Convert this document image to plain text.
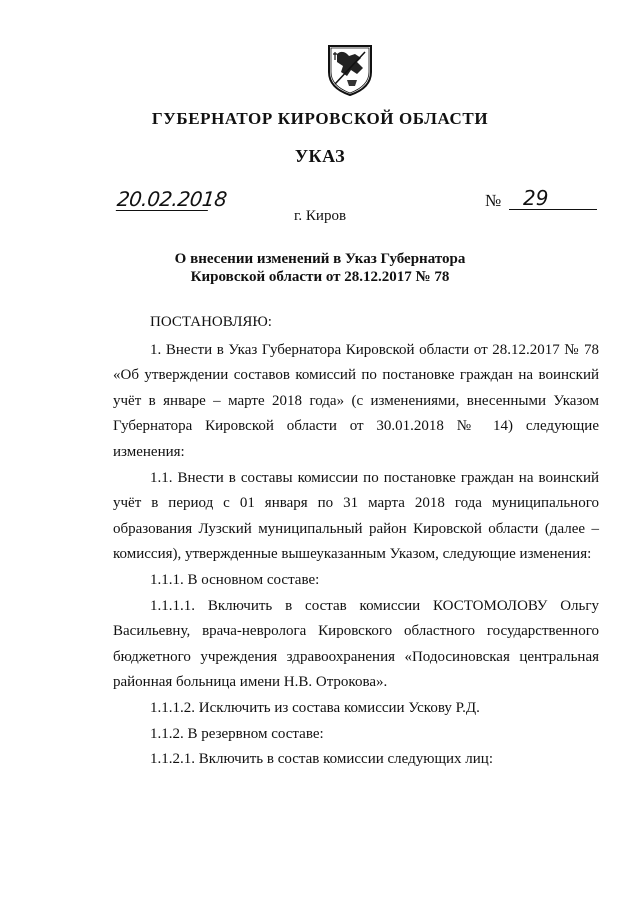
ГУБЕРНАТОР КИРОВСКОЙ ОБЛАСТИ
УКАЗ
20.02.2018	№	29
г. Киров
О внесении изменений в Указ Губернатора
Кировской области от 28.12.2017 № 78

ПОСТАНОВЛЯЮ:

1. Внести в Указ Губернатора Кировской области от 28.12.2017 № 78 «Об утверждении составов комиссий по постановке граждан на воинский учёт в январе – марте 2018 года» (с изменениями, внесенными Указом Губернатора Кировской области от 30.01.2018 № 14) следующие изменения:

1.1. Внести в составы комиссии по постановке граждан на воинский учёт в период с 01 января по 31 марта 2018 года муниципального образования Лузский муниципальный район Кировской области (далее – комиссия), утвержденные вышеуказанным Указом, следующие изменения:

1.1.1. В основном составе:

1.1.1.1. Включить в состав комиссии КОСТОМОЛОВУ Ольгу Васильевну, врача-невролога Кировского областного государственного бюджетного учреждения здравоохранения «Подосиновская центральная районная больница имени Н.В. Отрокова».

1.1.1.2. Исключить из состава комиссии Ускову Р.Д.

1.1.2. В резервном составе:

1.1.2.1. Включить в состав комиссии следующих лиц:
